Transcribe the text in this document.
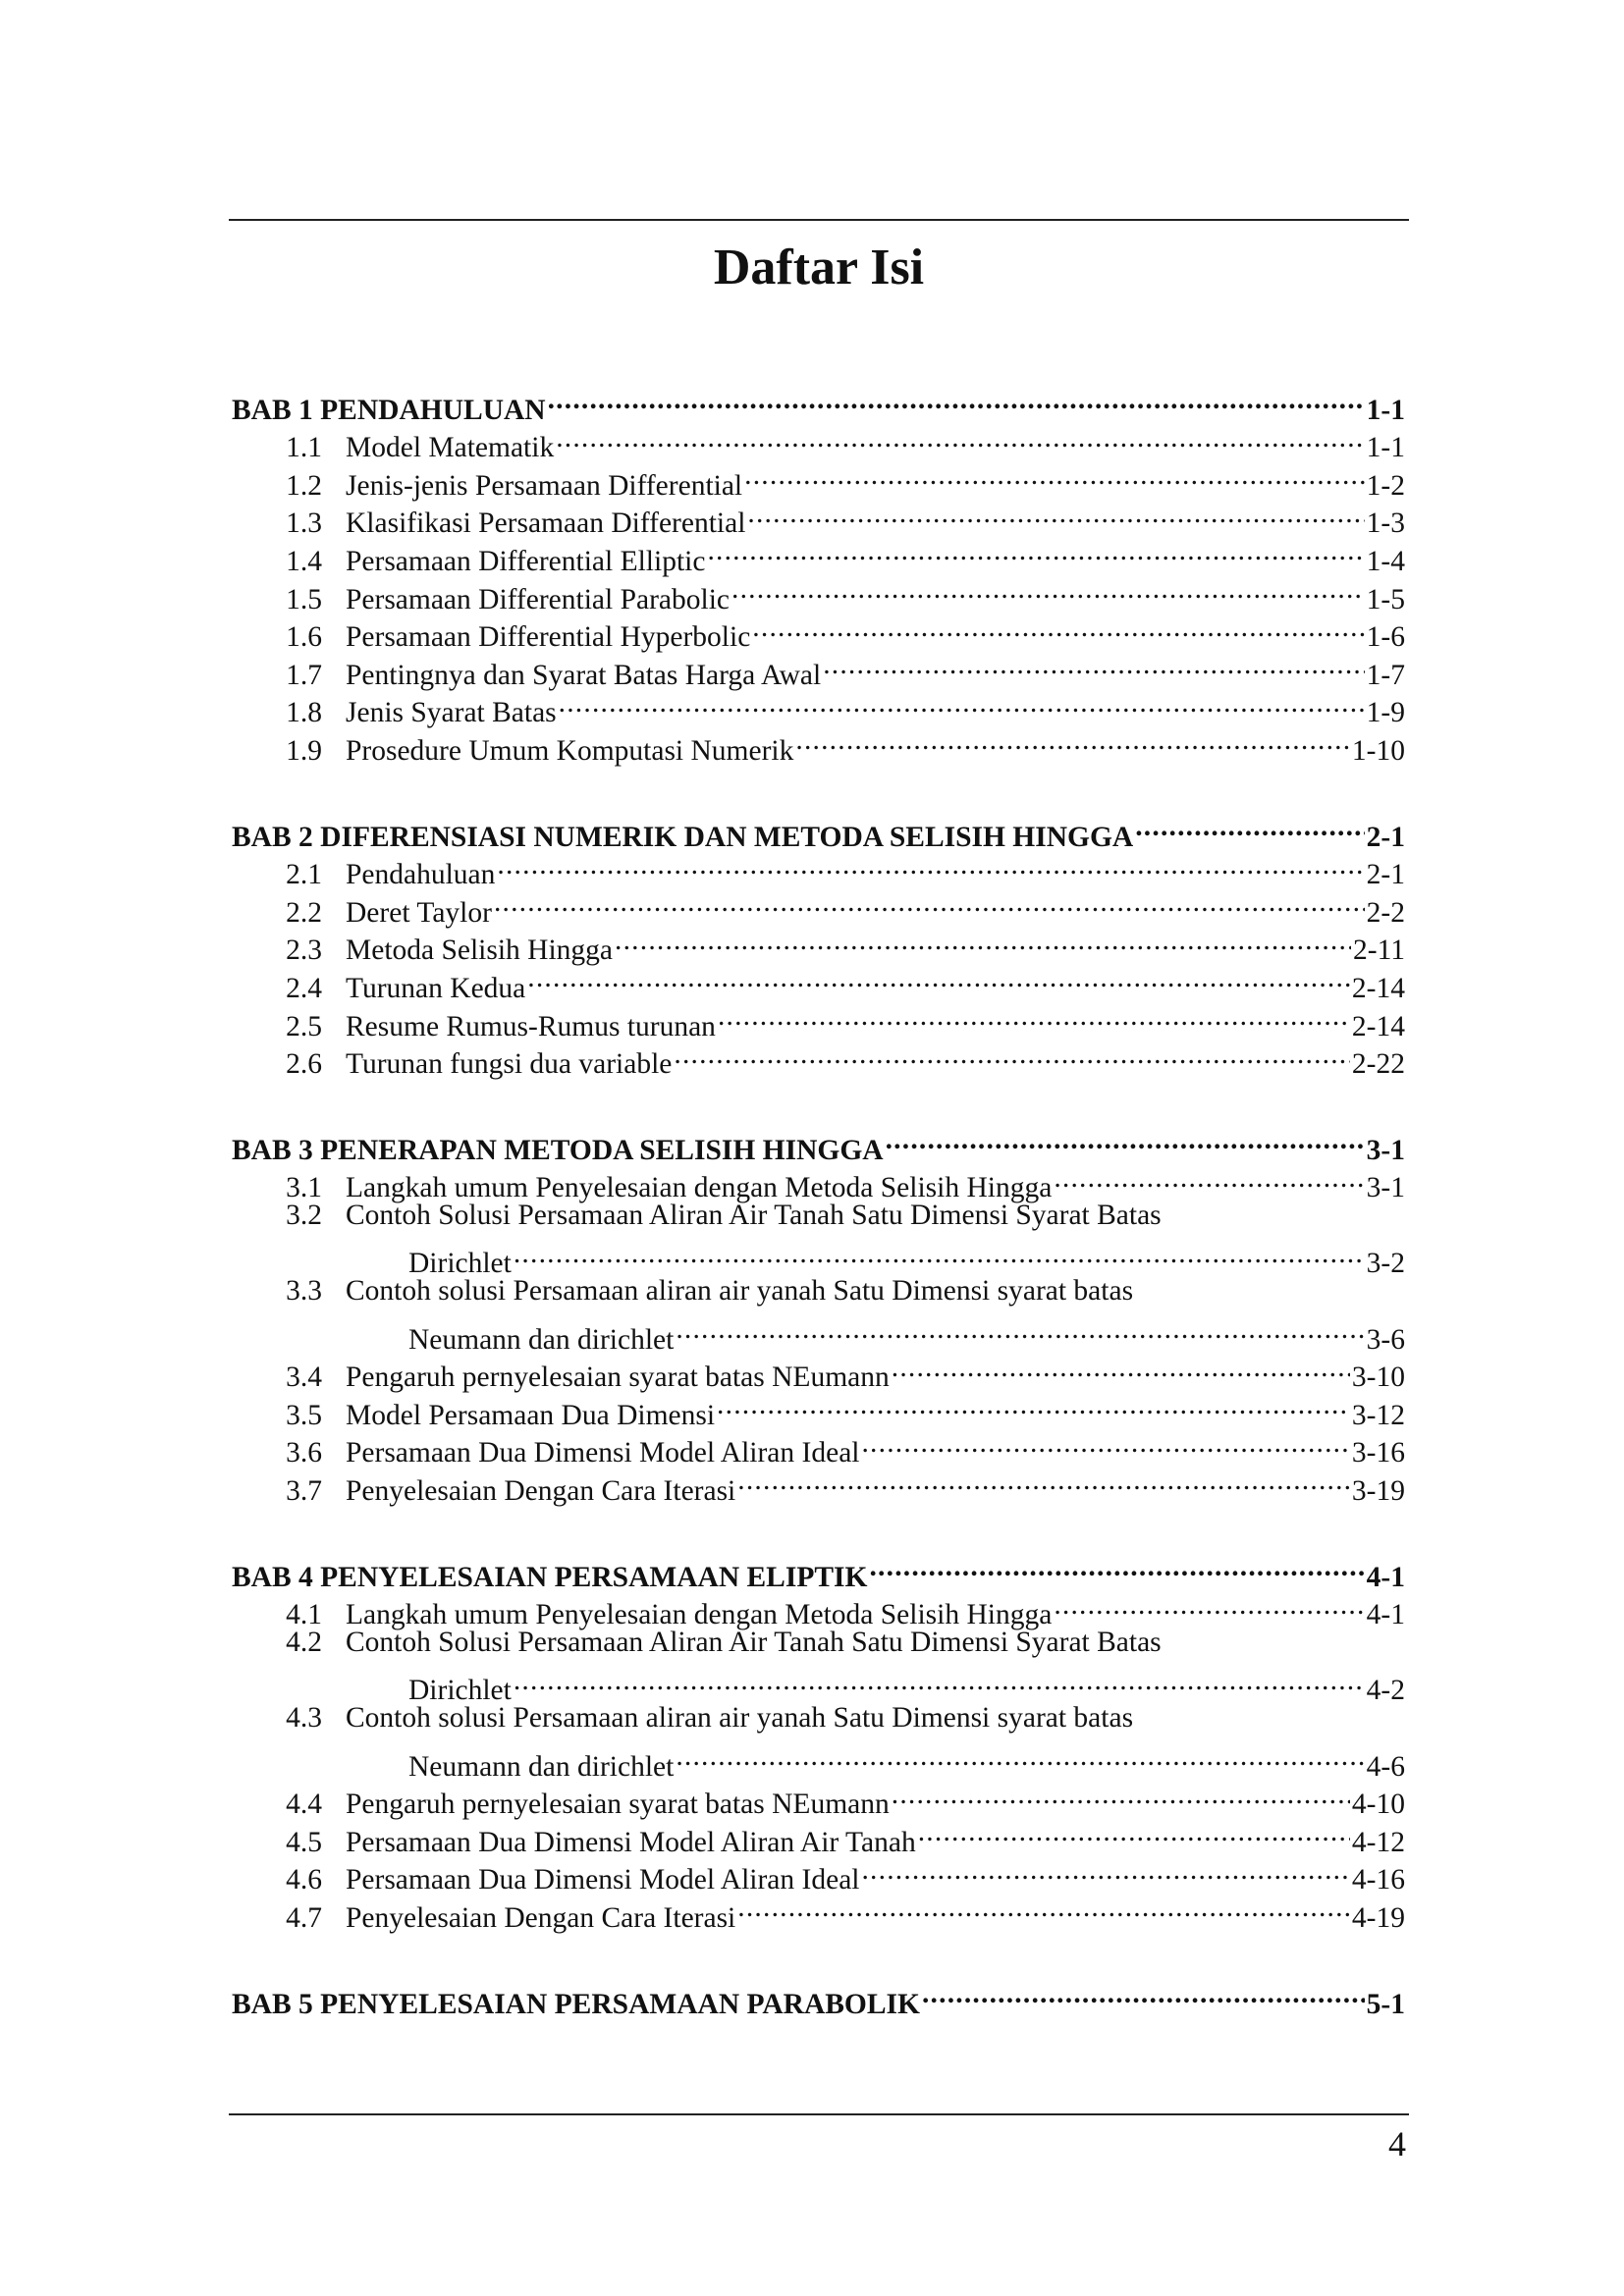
Daftar Isi
BAB 1 PENDAHULUAN .....	1-1
1.1 Model Matematik .....	1-1
1.2 Jenis-jenis Persamaan Differential .....	1-2
1.3 Klasifikasi Persamaan Differential .....	1-3
1.4 Persamaan Differential Elliptic .....	1-4
1.5 Persamaan Differential Parabolic .....	1-5
1.6 Persamaan Differential Hyperbolic .....	1-6
1.7 Pentingnya dan Syarat Batas Harga Awal .....	1-7
1.8 Jenis Syarat Batas .....	1-9
1.9 Prosedure Umum Komputasi Numerik .....	1-10
BAB 2 DIFERENSIASI NUMERIK DAN METODA SELISIH HINGGA .....	2-1
2.1 Pendahuluan .....	2-1
2.2 Deret Taylor .....	2-2
2.3 Metoda Selisih Hingga .....	2-11
2.4 Turunan Kedua .....	2-14
2.5 Resume Rumus-Rumus turunan .....	2-14
2.6 Turunan fungsi dua variable .....	2-22
BAB 3 PENERAPAN METODA SELISIH HINGGA .....	3-1
3.1 Langkah umum Penyelesaian dengan Metoda Selisih Hingga .....	3-1
3.2 Contoh Solusi Persamaan Aliran Air Tanah Satu Dimensi Syarat Batas
Dirichlet .....	3-2
3.3 Contoh solusi Persamaan aliran air yanah Satu Dimensi syarat batas
Neumann dan dirichlet .....	3-6
3.4 Pengaruh pernyelesaian syarat batas NEumann .....	3-10
3.5 Model Persamaan Dua Dimensi .....	3-12
3.6 Persamaan Dua Dimensi Model Aliran Ideal .....	3-16
3.7 Penyelesaian Dengan Cara Iterasi .....	3-19
BAB 4 PENYELESAIAN PERSAMAAN ELIPTIK .....	4-1
4.1 Langkah umum Penyelesaian dengan Metoda Selisih Hingga .....	4-1
4.2 Contoh Solusi Persamaan Aliran Air Tanah Satu Dimensi Syarat Batas
Dirichlet .....	4-2
4.3 Contoh solusi Persamaan aliran air yanah Satu Dimensi syarat batas
Neumann dan dirichlet .....	4-6
4.4 Pengaruh pernyelesaian syarat batas NEumann .....	4-10
4.5 Persamaan Dua Dimensi Model Aliran Air Tanah .....	4-12
4.6 Persamaan Dua Dimensi Model Aliran Ideal .....	4-16
4.7 Penyelesaian Dengan Cara Iterasi .....	4-19
BAB 5 PENYELESAIAN PERSAMAAN PARABOLIK .....	5-1
4
